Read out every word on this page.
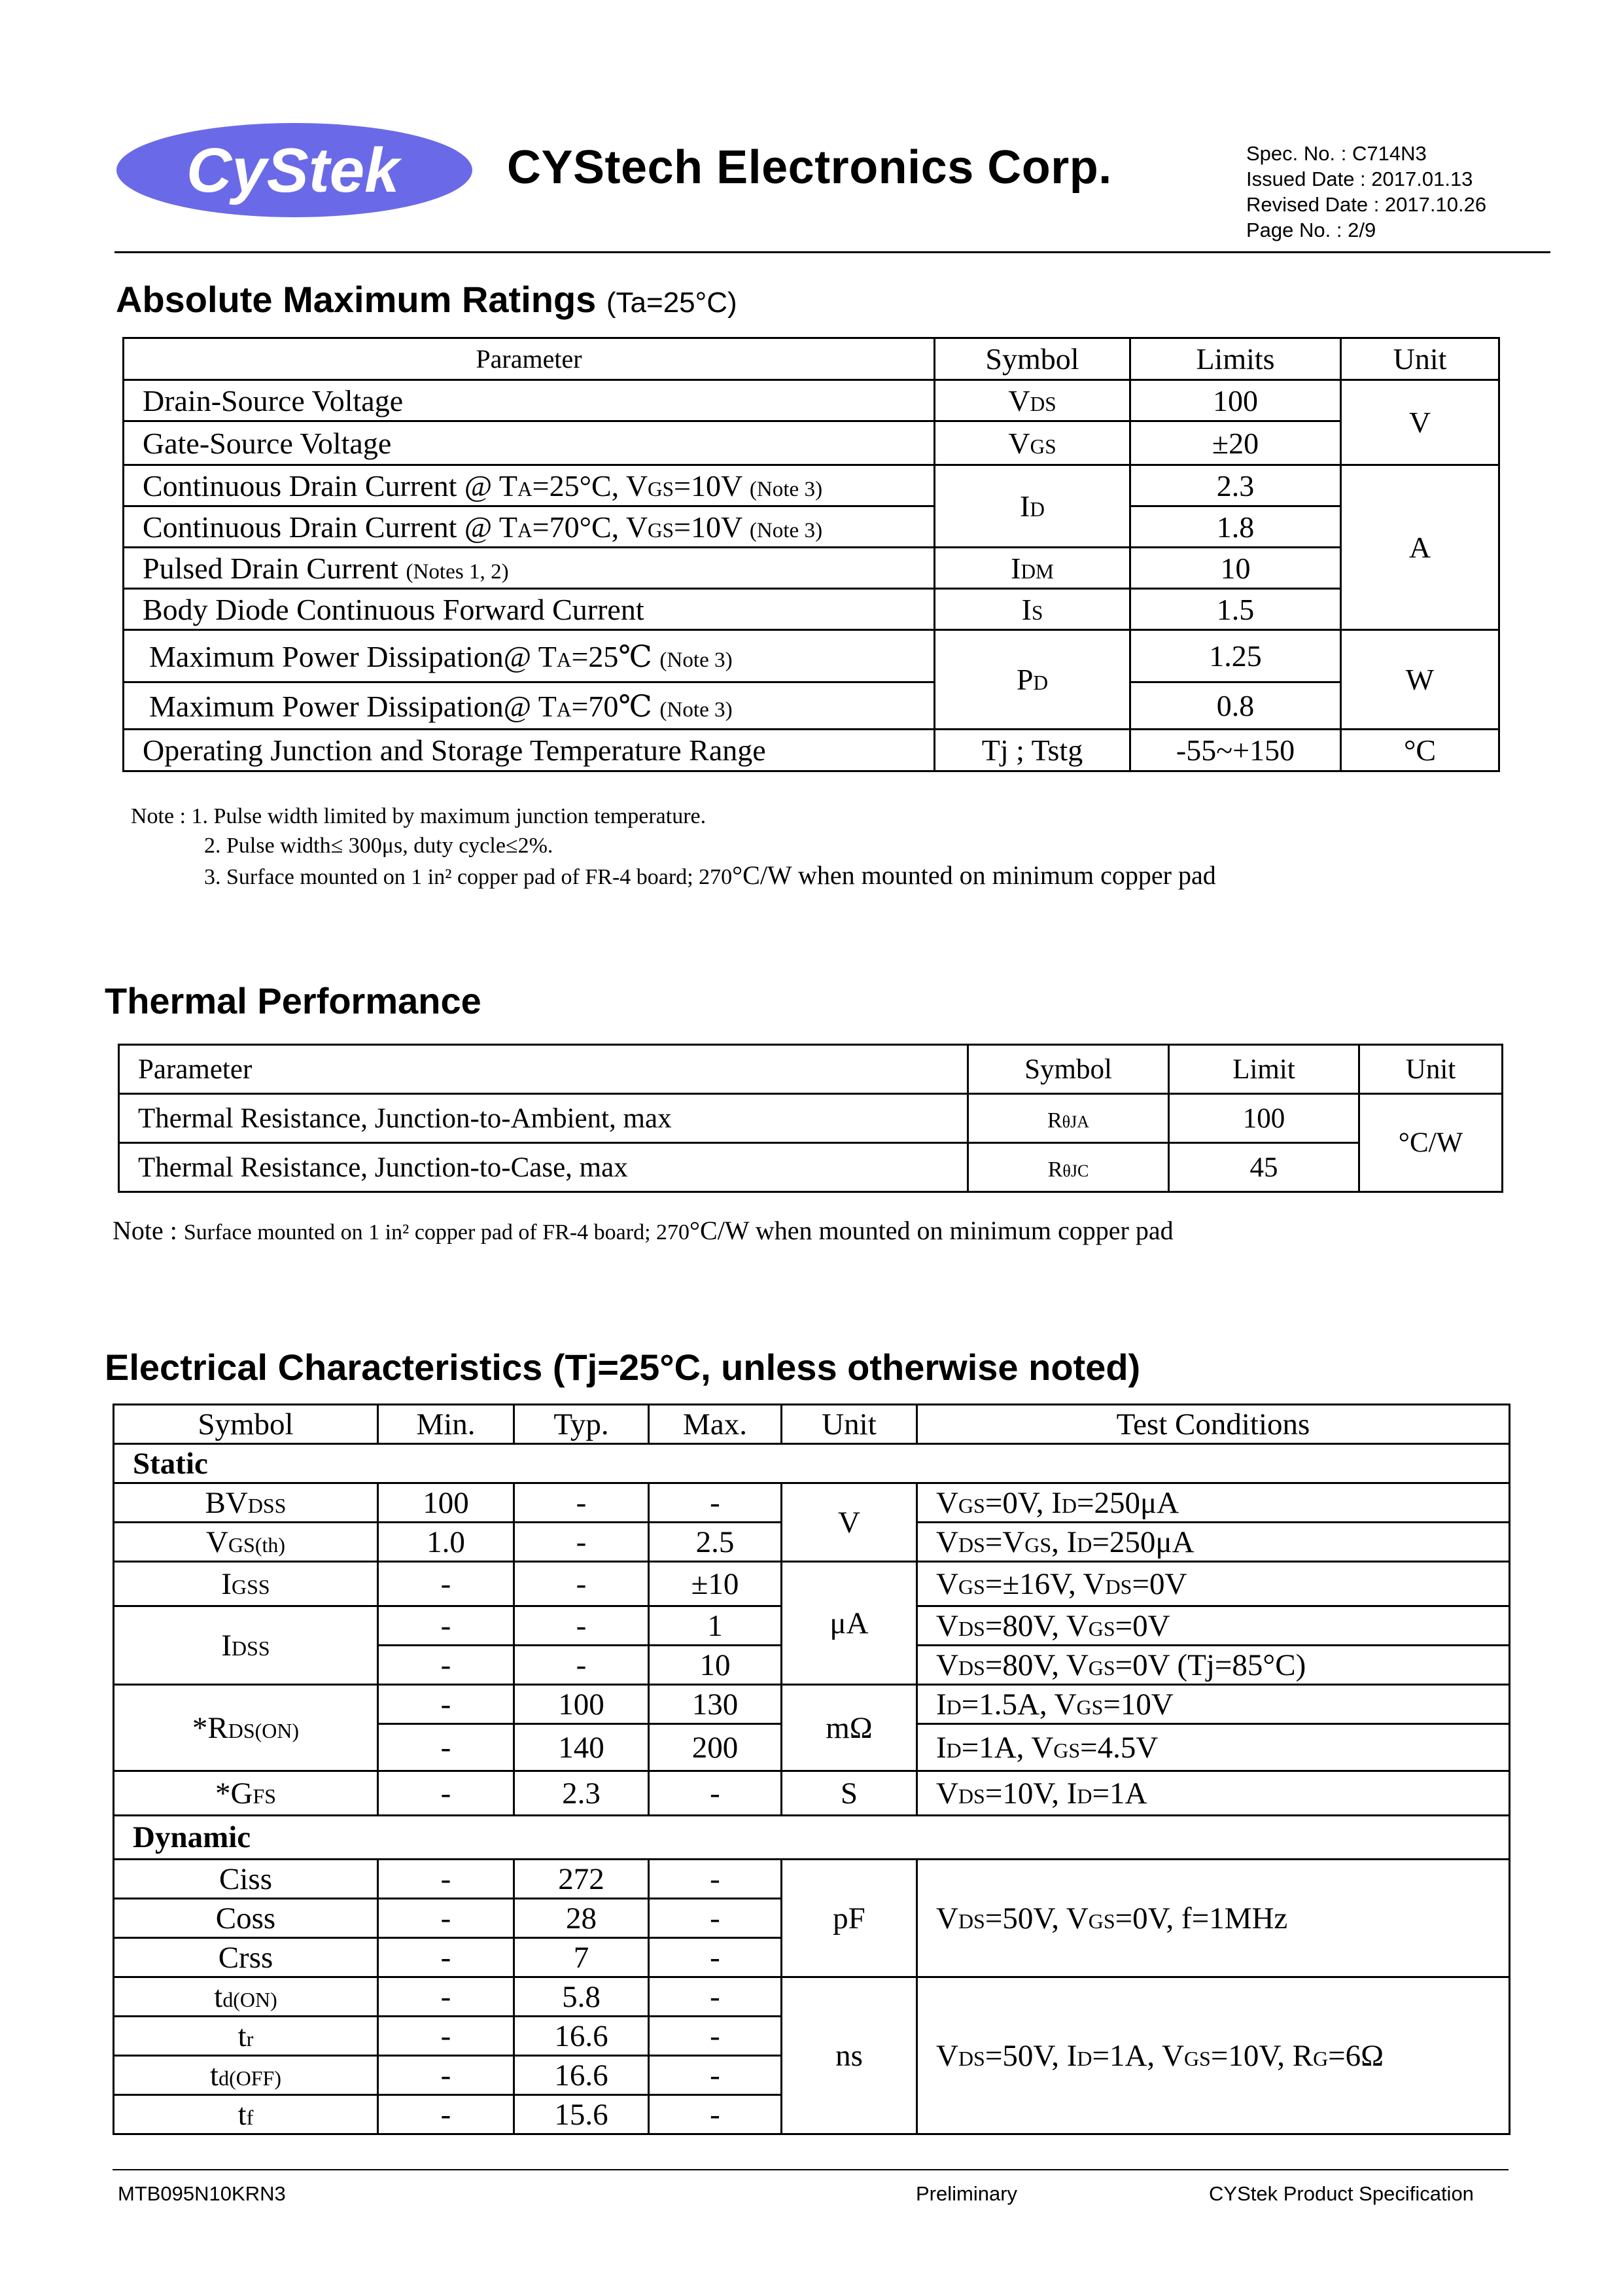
CyStek CYStech Electronics Corp.	Spec. No. : C714N3
Issued Date : 2017.01.13
Revised Date : 2017.10.26
Page No. : 2/9
Absolute Maximum Ratings (Ta=25°C)
Parameter	Symbol	Limits	Unit
Drain-Source Voltage	VDS	100	V
Gate-Source Voltage	VGS	±20	
Continuous Drain Current @ TA=25°C, VGS=10V (Note 3)	ID	2.3	A
Continuous Drain Current @ TA=70°C, VGS=10V (Note 3)		1.8	
Pulsed Drain Current (Notes 1, 2)	IDM	10	
Body Diode Continuous Forward Current	IS	1.5	
Maximum Power Dissipation@ TA=25℃ (Note 3)	PD	1.25	W
Maximum Power Dissipation@ TA=70℃ (Note 3)		0.8	
Operating Junction and Storage Temperature Range	Tj ; Tstg	-55~+150	°C
Note : 1. Pulse width limited by maximum junction temperature.
2. Pulse width≤ 300μs, duty cycle≤2%.
3. Surface mounted on 1 in² copper pad of FR-4 board; 270°C/W when mounted on minimum copper pad
Thermal Performance
Parameter	Symbol	Limit	Unit
Thermal Resistance, Junction-to-Ambient, max	RθJA	100	°C/W
Thermal Resistance, Junction-to-Case, max	RθJC	45	
Note : Surface mounted on 1 in² copper pad of FR-4 board; 270°C/W when mounted on minimum copper pad
Electrical Characteristics (Tj=25°C, unless otherwise noted)
Symbol	Min.	Typ.	Max.	Unit	Test Conditions
Static					
BVDSS	100	-	-	V	VGS=0V, ID=250μA
VGS(th)	1.0	-	2.5		VDS=VGS, ID=250μA
IGSS	-	-	±10	μA	VGS=±16V, VDS=0V
IDSS	-	-	1		VDS=80V, VGS=0V
	-	-	10		VDS=80V, VGS=0V (Tj=85°C)
*RDS(ON)	-	100	130	mΩ	ID=1.5A, VGS=10V
	-	140	200		ID=1A, VGS=4.5V
*GFS	-	2.3	-	S	VDS=10V, ID=1A
Dynamic					
Ciss	-	272	-	pF	VDS=50V, VGS=0V, f=1MHz
Coss	-	28	-		
Crss	-	7	-		
td(ON)	-	5.8	-	ns	VDS=50V, ID=1A, VGS=10V, RG=6Ω
tr	-	16.6	-		
td(OFF)	-	16.6	-		
tf	-	15.6	-		
MTB095N10KRN3	Preliminary	CYStek Product Specification
